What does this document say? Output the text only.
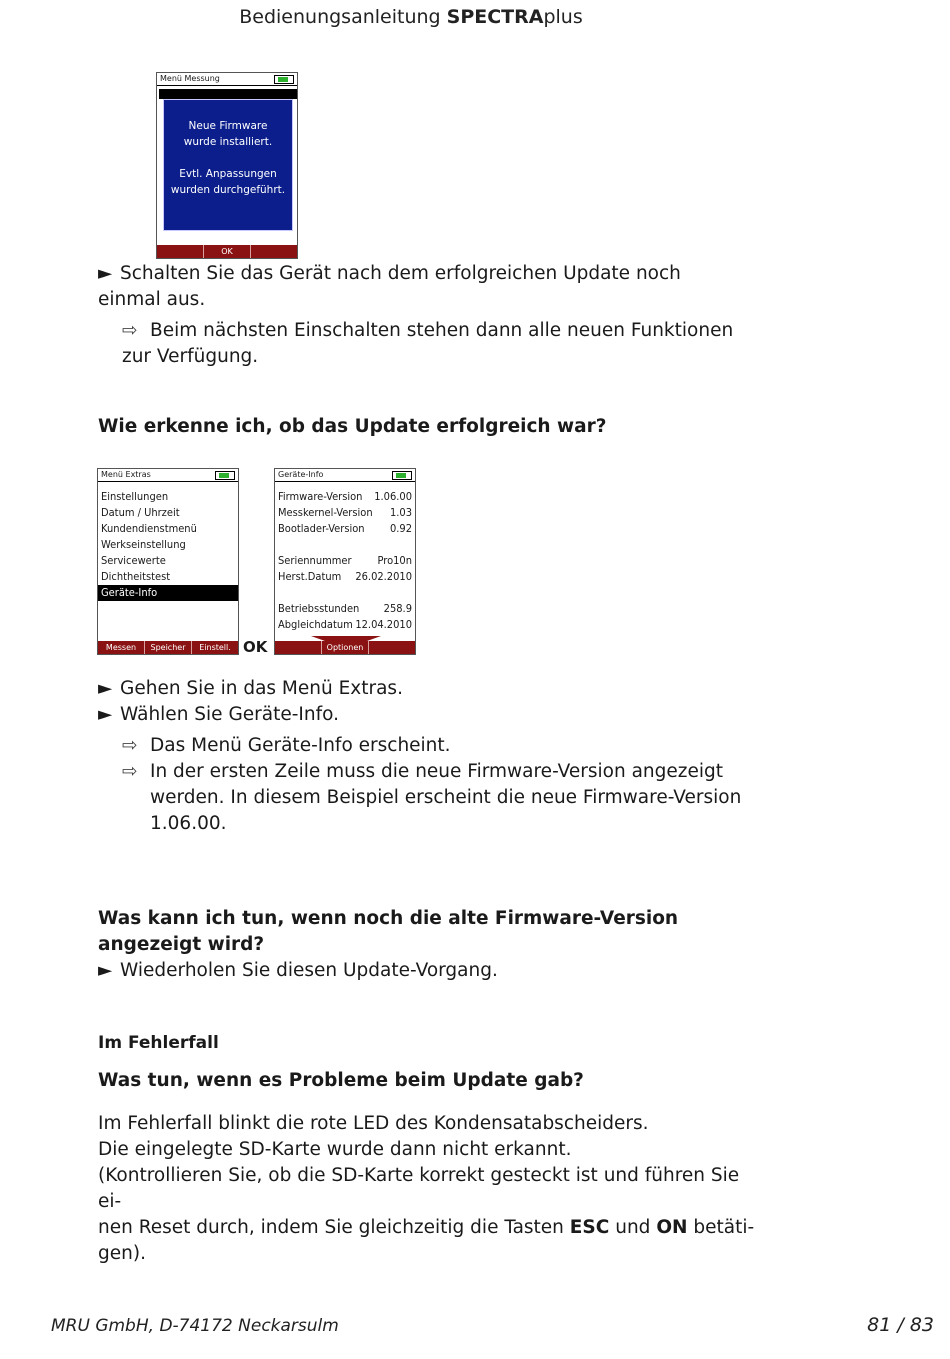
Bedienungsanleitung SPECTRAplus
Menü Messung
Neue Firmware
wurde installiert.
Evtl. Anpassungen
wurden durchgeführt.
OK
► Schalten Sie das Gerät nach dem erfolgreichen Update noch einmal aus.
⇨ Beim nächsten Einschalten stehen dann alle neuen Funktionen zur Verfügung.
Wie erkenne ich, ob das Update erfolgreich war?
Menü Extras
Einstellungen
Datum / Uhrzeit
Kundendienstmenü
Werkseinstellung
Servicewerte
Dichtheitstest
Geräte-Info
Messen	Speicher	Einstell. OK
Geräte-Info
Firmware-Version 1.06.00
Messkernel-Version 1.03
Bootlader-Version 0.92
Seriennummer Pro10n
Herst.Datum 26.02.2010
Betriebsstunden 258.9
Abgleichdatum 12.04.2010
Optionen
► Gehen Sie in das Menü Extras.
► Wählen Sie Geräte-Info.
⇨ Das Menü Geräte-Info erscheint.
⇨ In der ersten Zeile muss die neue Firmware-Version angezeigt werden. In diesem Beispiel erscheint die neue Firmware-Version 1.06.00.
Was kann ich tun, wenn noch die alte Firmware-Version angezeigt wird?
► Wiederholen Sie diesen Update-Vorgang.
Im Fehlerfall
Was tun, wenn es Probleme beim Update gab?
Im Fehlerfall blinkt die rote LED des Kondensatabscheiders.
Die eingelegte SD-Karte wurde dann nicht erkannt.
(Kontrollieren Sie, ob die SD-Karte korrekt gesteckt ist und führen Sie ei-
nen Reset durch, indem Sie gleichzeitig die Tasten ESC und ON betäti-
gen).
MRU GmbH, D-74172 Neckarsulm	81 / 83
